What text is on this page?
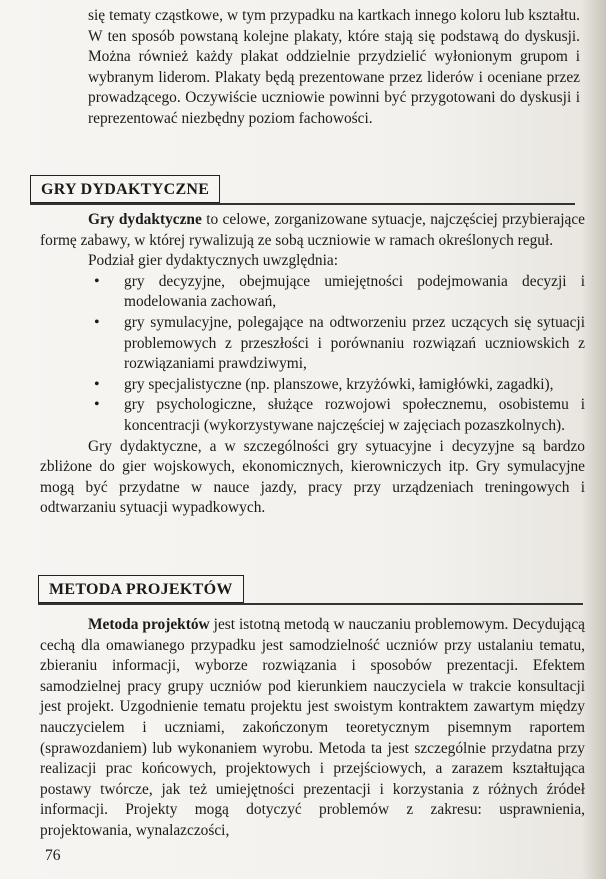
się tematy cząstkowe, w tym przypadku na kartkach innego koloru lub kształtu. W ten sposób powstaną kolejne plakaty, które stają się podstawą do dyskusji. Można również każdy plakat oddzielnie przydzielić wyłonionym grupom i wybranym liderom. Plakaty będą prezentowane przez liderów i oceniane przez prowadzącego. Oczywiście uczniowie powinni być przygotowani do dyskusji i reprezentować niezbędny poziom fachowości.

GRY DYDAKTYCZNE

Gry dydaktyczne to celowe, zorganizowane sytuacje, najczęściej przybierające formę zabawy, w której rywalizują ze sobą uczniowie w ramach określonych reguł.

Podział gier dydaktycznych uwzględnia:

• gry decyzyjne, obejmujące umiejętności podejmowania decyzji i modelowania zachowań,
• gry symulacyjne, polegające na odtworzeniu przez uczących się sytuacji problemowych z przeszłości i porównaniu rozwiązań uczniowskich z rozwiązaniami prawdziwymi,
• gry specjalistyczne (np. planszowe, krzyżówki, łamigłówki, zagadki),
• gry psychologiczne, służące rozwojowi społecznemu, osobistemu i koncentracji (wykorzystywane najczęściej w zajęciach pozaszkolnych).

Gry dydaktyczne, a w szczególności gry sytuacyjne i decyzyjne są bardzo zbliżone do gier wojskowych, ekonomicznych, kierowniczych itp. Gry symulacyjne mogą być przydatne w nauce jazdy, pracy przy urządzeniach treningowych i odtwarzaniu sytuacji wypadkowych.

METODA PROJEKTÓW

Metoda projektów jest istotną metodą w nauczaniu problemowym. Decydującą cechą dla omawianego przypadku jest samodzielność uczniów przy ustalaniu tematu, zbieraniu informacji, wyborze rozwiązania i sposobów prezentacji. Efektem samodzielnej pracy grupy uczniów pod kierunkiem nauczyciela w trakcie konsultacji jest projekt. Uzgodnienie tematu projektu jest swoistym kontraktem zawartym między nauczycielem i uczniami, zakończonym teoretycznym pisemnym raportem (sprawozdaniem) lub wykonaniem wyrobu. Metoda ta jest szczególnie przydatna przy realizacji prac końcowych, projektowych i przejściowych, a zarazem kształtująca postawy twórcze, jak też umiejętności prezentacji i korzystania z różnych źródeł informacji. Projekty mogą dotyczyć problemów z zakresu: usprawnienia, projektowania, wynalazczości,

76
